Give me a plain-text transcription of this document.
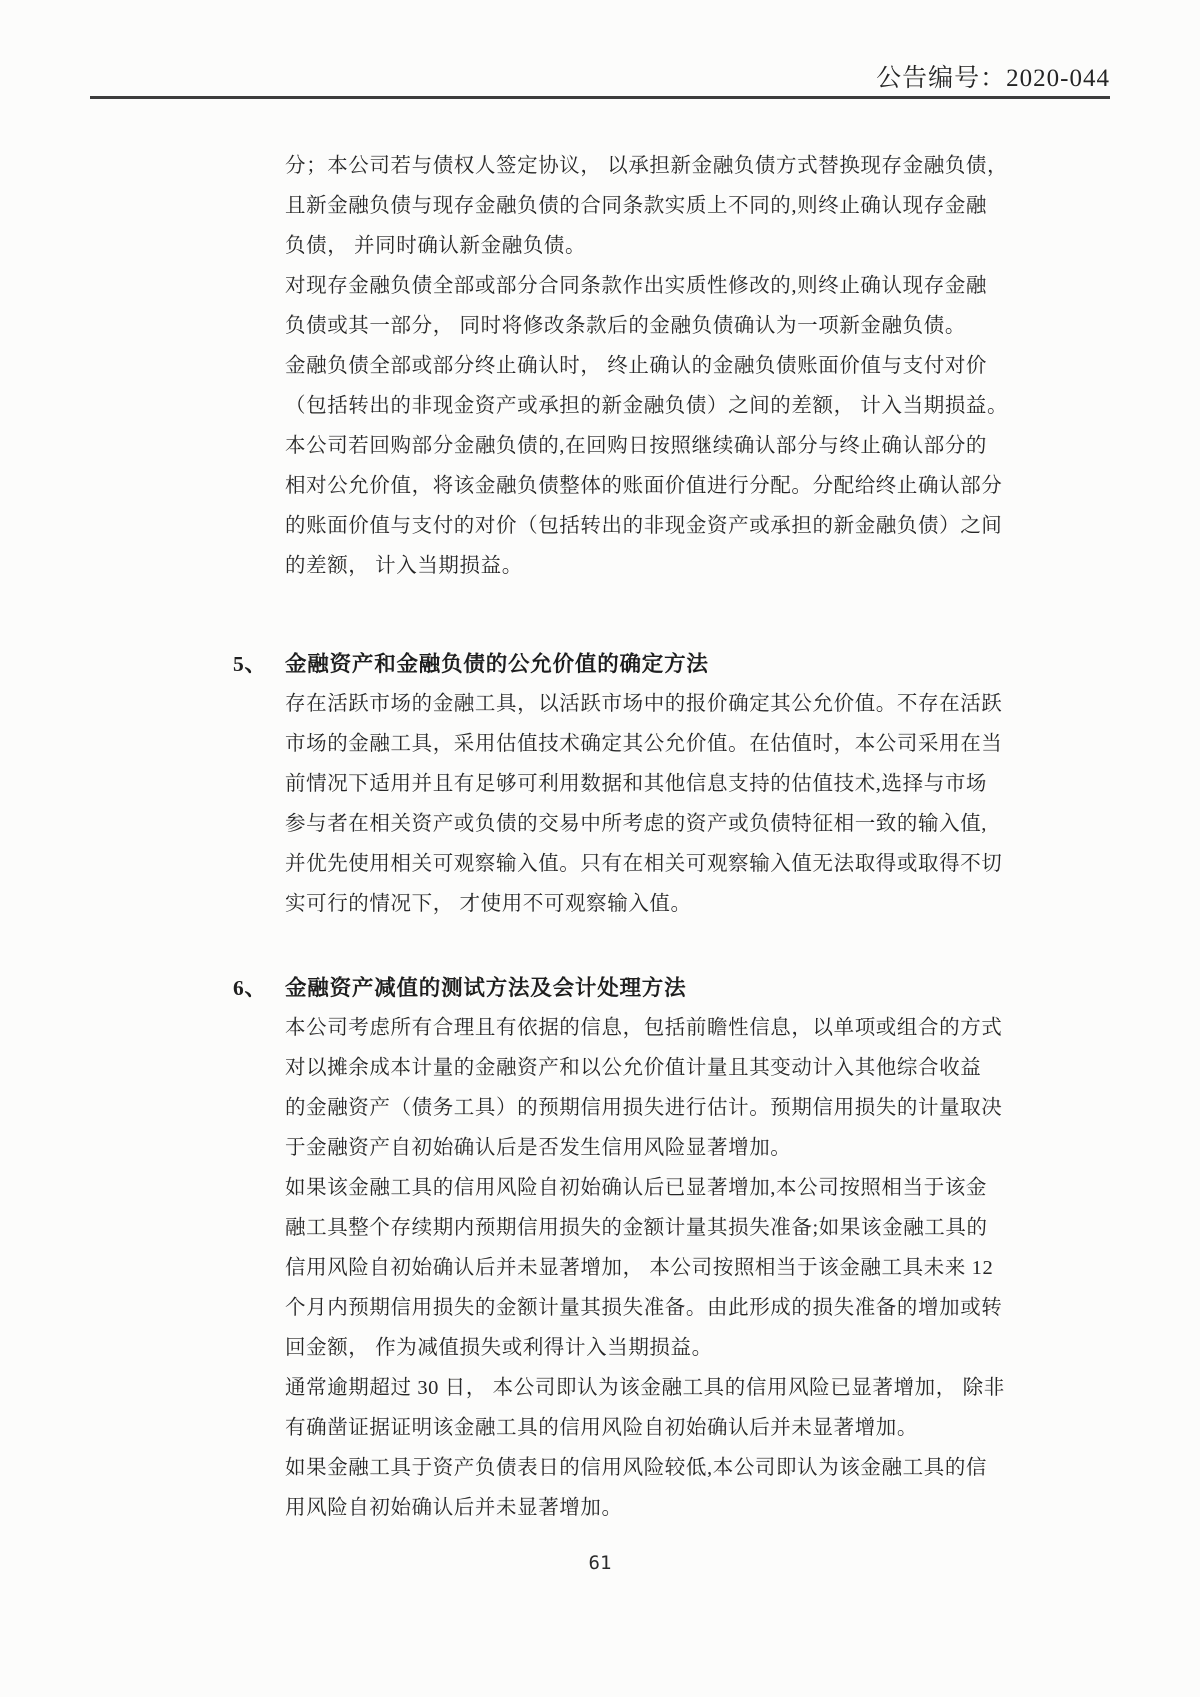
公告编号：2020-044
分；本公司若与债权人签定协议， 以承担新金融负债方式替换现存金融负债，
且新金融负债与现存金融负债的合同条款实质上不同的,则终止确认现存金融
负债， 并同时确认新金融负债。
对现存金融负债全部或部分合同条款作出实质性修改的,则终止确认现存金融
负债或其一部分， 同时将修改条款后的金融负债确认为一项新金融负债。
金融负债全部或部分终止确认时， 终止确认的金融负债账面价值与支付对价
（包括转出的非现金资产或承担的新金融负债）之间的差额， 计入当期损益。
本公司若回购部分金融负债的,在回购日按照继续确认部分与终止确认部分的
相对公允价值，将该金融负债整体的账面价值进行分配。分配给终止确认部分
的账面价值与支付的对价（包括转出的非现金资产或承担的新金融负债）之间
的差额， 计入当期损益。
5、 金融资产和金融负债的公允价值的确定方法
存在活跃市场的金融工具，以活跃市场中的报价确定其公允价值。不存在活跃
市场的金融工具，采用估值技术确定其公允价值。在估值时，本公司采用在当
前情况下适用并且有足够可利用数据和其他信息支持的估值技术,选择与市场
参与者在相关资产或负债的交易中所考虑的资产或负债特征相一致的输入值,
并优先使用相关可观察输入值。只有在相关可观察输入值无法取得或取得不切
实可行的情况下， 才使用不可观察输入值。
6、 金融资产减值的测试方法及会计处理方法
本公司考虑所有合理且有依据的信息，包括前瞻性信息，以单项或组合的方式
对以摊余成本计量的金融资产和以公允价值计量且其变动计入其他综合收益
的金融资产（债务工具）的预期信用损失进行估计。预期信用损失的计量取决
于金融资产自初始确认后是否发生信用风险显著增加。
如果该金融工具的信用风险自初始确认后已显著增加,本公司按照相当于该金
融工具整个存续期内预期信用损失的金额计量其损失准备;如果该金融工具的
信用风险自初始确认后并未显著增加， 本公司按照相当于该金融工具未来 12
个月内预期信用损失的金额计量其损失准备。由此形成的损失准备的增加或转
回金额， 作为减值损失或利得计入当期损益。
通常逾期超过 30 日， 本公司即认为该金融工具的信用风险已显著增加， 除非
有确凿证据证明该金融工具的信用风险自初始确认后并未显著增加。
如果金融工具于资产负债表日的信用风险较低,本公司即认为该金融工具的信
用风险自初始确认后并未显著增加。
61
